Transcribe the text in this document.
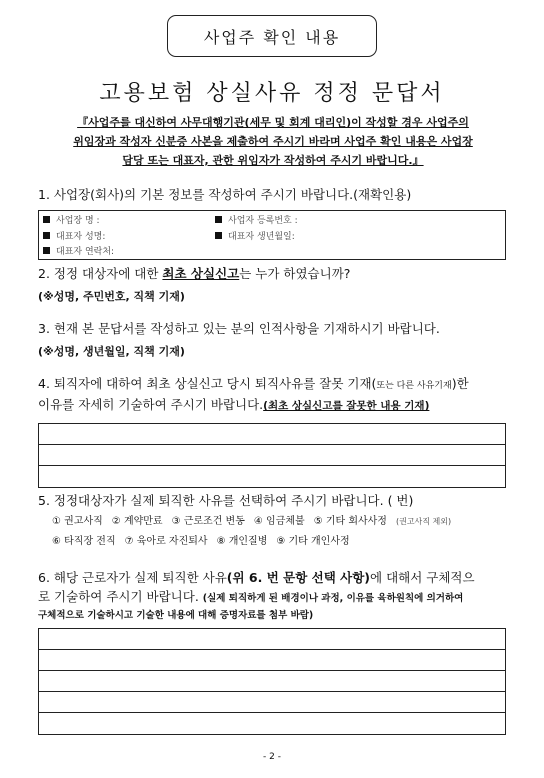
사업주 확인 내용
고용보험 상실사유 정정 문답서
『사업주를 대신하여 사무대행기관(세무 및 회계 대리인)이 작성할 경우 사업주의
위임장과 작성자 신분증 사본을 제출하여 주시기 바라며 사업주 확인 내용은 사업장
담당 또는 대표자, 관한 위임자가 작성하여 주시기 바랍니다.』
1. 사업장(회사)의 기본 정보를 작성하여 주시기 바랍니다.(재확인용)
사업장 명 :	사업자 등록번호 :
대표자 성명:	대표자 생년월일:
대표자 연락처:
2. 정정 대상자에 대한 최초 상실신고는 누가 하였습니까?
(※성명, 주민번호, 직책 기재)
3. 현재 본 문답서를 작성하고 있는 분의 인적사항을 기재하시기 바랍니다.
(※성명, 생년월일, 직책 기재)
4. 퇴직자에 대하여 최초 상실신고 당시 퇴직사유를 잘못 기재(또는 다른 사유기재)한
이유를 자세히 기술하여 주시기 바랍니다.(최초 상실신고를 잘못한 내용 기재)
5. 정정대상자가 실제 퇴직한 사유를 선택하여 주시기 바랍니다. ( 번)
① 권고사직 ② 계약만료 ③ 근로조건 변동 ④ 임금체불 ⑤ 기타 회사사정 (권고사직 제외)
⑥ 타직장 전직 ⑦ 육아로 자진퇴사 ⑧ 개인질병 ⑨ 기타 개인사정
6. 해당 근로자가 실제 퇴직한 사유(위 6. 번 문항 선택 사항)에 대해서 구체적으
로 기술하여 주시기 바랍니다. (실제 퇴직하게 된 배경이나 과정, 이유를 육하원칙에 의거하여
구체적으로 기술하시고 기술한 내용에 대해 증명자료를 첨부 바람)
- 2 -
